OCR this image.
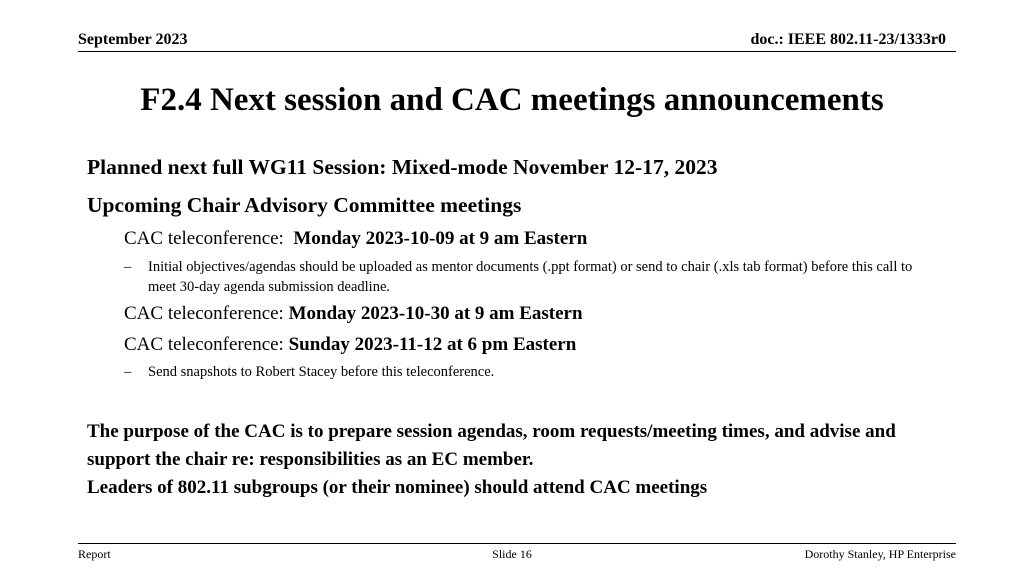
September 2023	doc.: IEEE 802.11-23/1333r0
F2.4 Next session and CAC meetings announcements
Planned next full WG11 Session: Mixed-mode November 12-17, 2023
Upcoming Chair Advisory Committee meetings
CAC teleconference: Monday 2023-10-09 at 9 am Eastern
–	Initial objectives/agendas should be uploaded as mentor documents (.ppt format) or send to chair (.xls tab format) before this call to meet 30-day agenda submission deadline.
CAC teleconference: Monday 2023-10-30 at 9 am Eastern
CAC teleconference: Sunday 2023-11-12 at 6 pm Eastern
–	Send snapshots to Robert Stacey before this teleconference.
The purpose of the CAC is to prepare session agendas, room requests/meeting times, and advise and support the chair re: responsibilities as an EC member.
Leaders of 802.11 subgroups (or their nominee) should attend CAC meetings
Report	Slide 16	Dorothy Stanley, HP Enterprise
